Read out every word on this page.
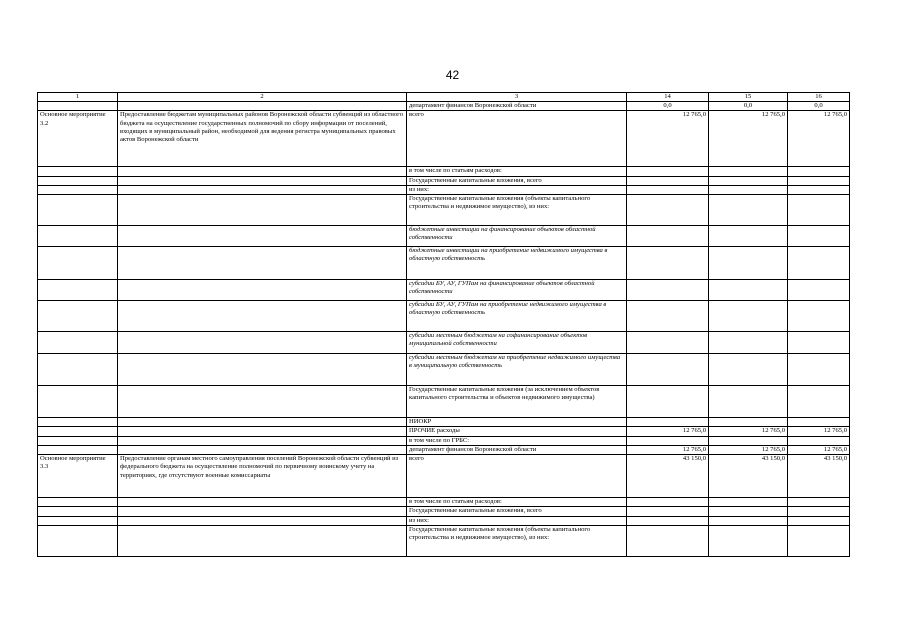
42
1	2	3	14	15	16
		департамент финансов Воронежской области	0,0	0,0	0,0
Основное мероприятие 3.2	Предоставление бюджетам муниципальных районов Воронежской области субвенций из областного бюджета на осуществление государственных полномочий по сбору информации от поселений, входящих в муниципальный район, необходимой для ведения регистра муниципальных правовых актов Воронежской области	всего	12 765,0	12 765,0	12 765,0
		в том числе по статьям расходов:			
		Государственные капитальные вложения, всего			
		из них:			
		Государственные капитальные вложения (объекты капитального строительства и недвижимое имущество), из них:			
		бюджетные инвестиции на финансирование объектов областной собственности			
		бюджетные инвестиции на приобретение недвижимого имущества в областную собственность			
		субсидии БУ, АУ, ГУПам на финансирование объектов областной собственности			
		субсидии БУ, АУ, ГУПам на приобретение недвижимого имущества в областную собственность			
		субсидии местным бюджетам на софинансирование объектов муниципальной собственности			
		субсидии местным бюджетам на приобретение недвижимого имущества в муниципальную собственность			
		Государственные капитальные вложения (за исключением объектов капитального строительства и объектов недвижимого имущества)			
		НИОКР			
		ПРОЧИЕ расходы	12 765,0	12 765,0	12 765,0
		в том числе по ГРБС:			
		департамент финансов Воронежской области	12 765,0	12 765,0	12 765,0
Основное мероприятие 3.3	Предоставление органам местного самоуправления поселений Воронежской области субвенций из федерального бюджета на осуществление полномочий по первичному воинскому учету на территориях, где отсутствуют военные комиссариаты	всего	43 150,0	43 150,0	43 150,0
		в том числе по статьям расходов:			
		Государственные капитальные вложения, всего			
		из них:			
		Государственные капитальные вложения (объекты капитального строительства и недвижимое имущество), из них:			
